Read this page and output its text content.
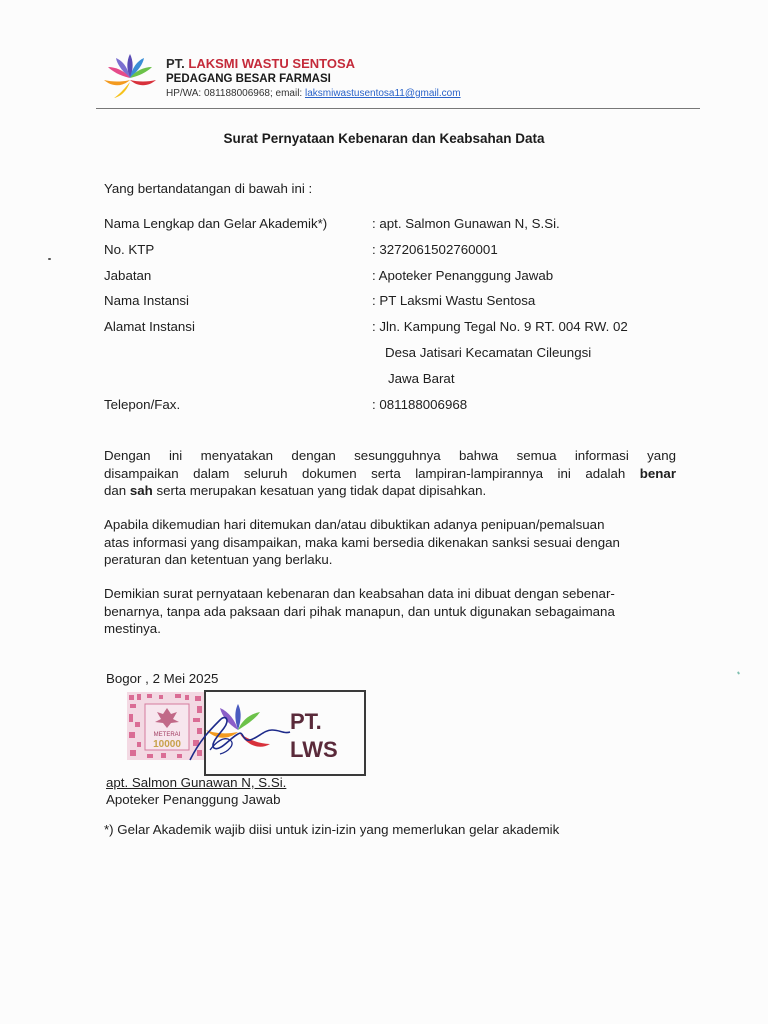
PT. LAKSMI WASTU SENTOSA
PEDAGANG BESAR FARMASI
HP/WA: 081188006968; email: laksmiwastusentosa11@gmail.com
Surat Pernyataan Kebenaran dan Keabsahan Data
Yang bertandatangan di bawah ini :
Nama Lengkap dan Gelar Akademik*)	: apt. Salmon Gunawan N, S.Si.
No. KTP	: 3272061502760001
Jabatan	: Apoteker Penanggung Jawab
Nama Instansi	: PT Laksmi Wastu Sentosa
Alamat Instansi	: Jln. Kampung Tegal No. 9 RT. 004 RW. 02
Desa Jatisari Kecamatan Cileungsi
Jawa Barat
Telepon/Fax.	: 081188006968
Dengan ini menyatakan dengan sesungguhnya bahwa semua informasi yang
disampaikan dalam seluruh dokumen serta lampiran-lampirannya ini adalah benar
dan sah serta merupakan kesatuan yang tidak dapat dipisahkan.
Apabila dikemudian hari ditemukan dan/atau dibuktikan adanya penipuan/pemalsuan
atas informasi yang disampaikan, maka kami bersedia dikenakan sanksi sesuai dengan
peraturan dan ketentuan yang berlaku.
Demikian surat pernyataan kebenaran dan keabsahan data ini dibuat dengan sebenar-
benarnya, tanpa ada paksaan dari pihak manapun, dan untuk digunakan sebagaimana
mestinya.
Bogor , 2 Mei 2025
METERAI
10000
PT.
LWS
apt. Salmon Gunawan N, S.Si.
Apoteker Penanggung Jawab
*) Gelar Akademik wajib diisi untuk izin-izin yang memerlukan gelar akademik
